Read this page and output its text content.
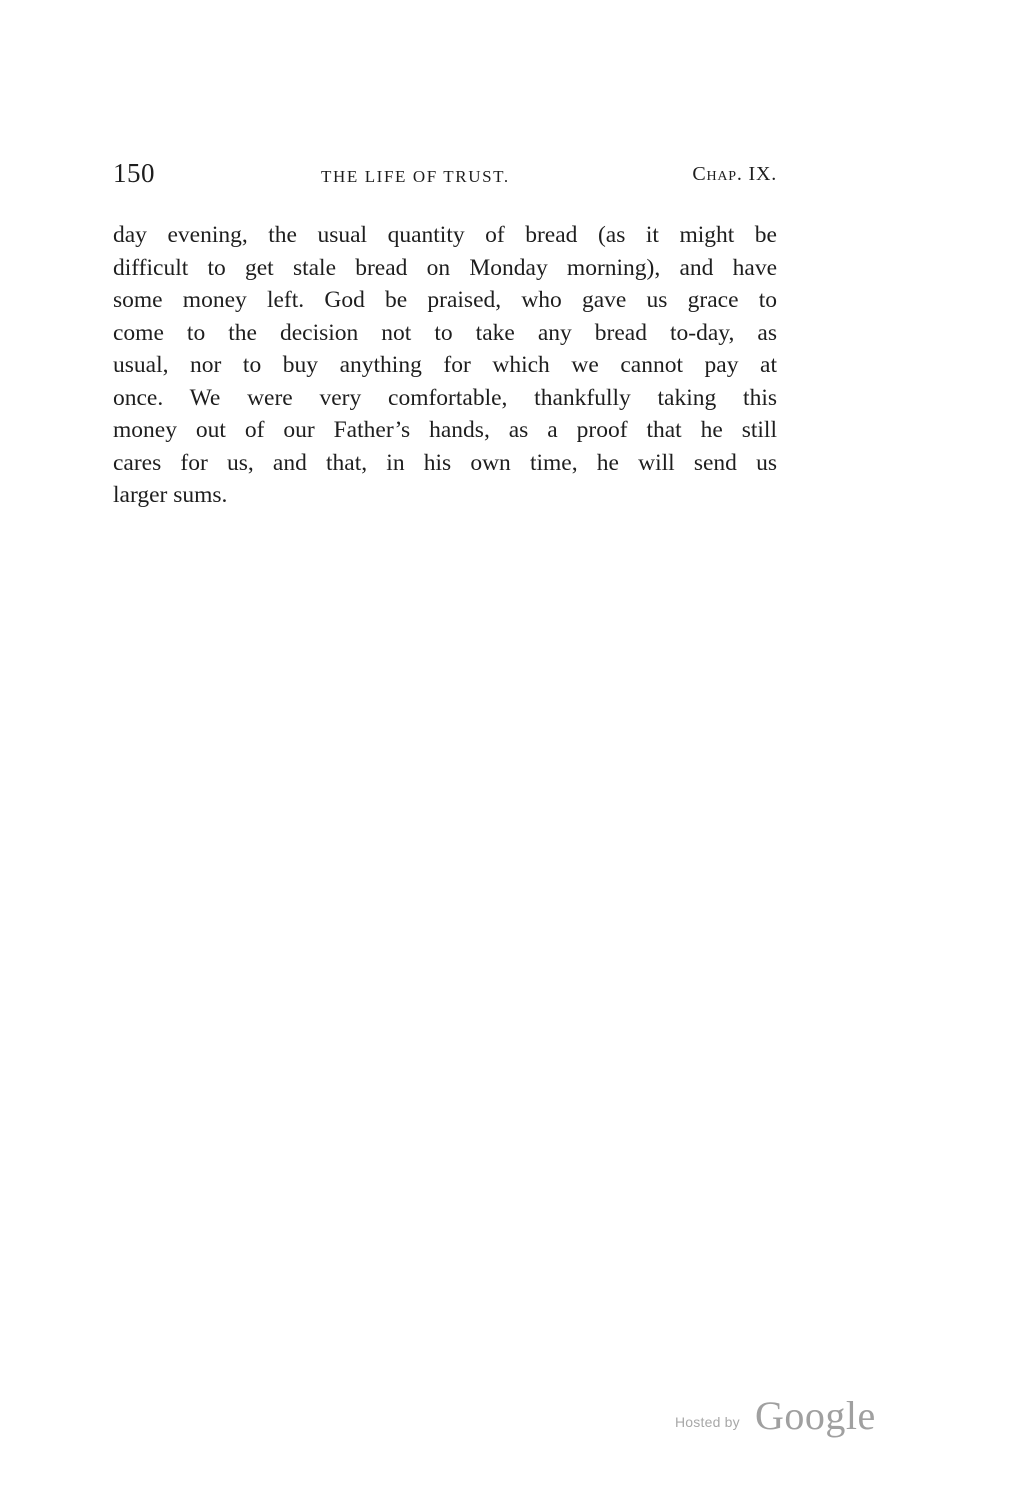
150	THE LIFE OF TRUST.	Chap. IX.
day evening, the usual quantity of bread (as it might be
difficult to get stale bread on Monday morning), and have
some money left. God be praised, who gave us grace to
come to the decision not to take any bread to-day, as
usual, nor to buy anything for which we cannot pay at
once. We were very comfortable, thankfully taking this
money out of our Father’s hands, as a proof that he still
cares for us, and that, in his own time, he will send us
larger sums.
Hosted by Google
